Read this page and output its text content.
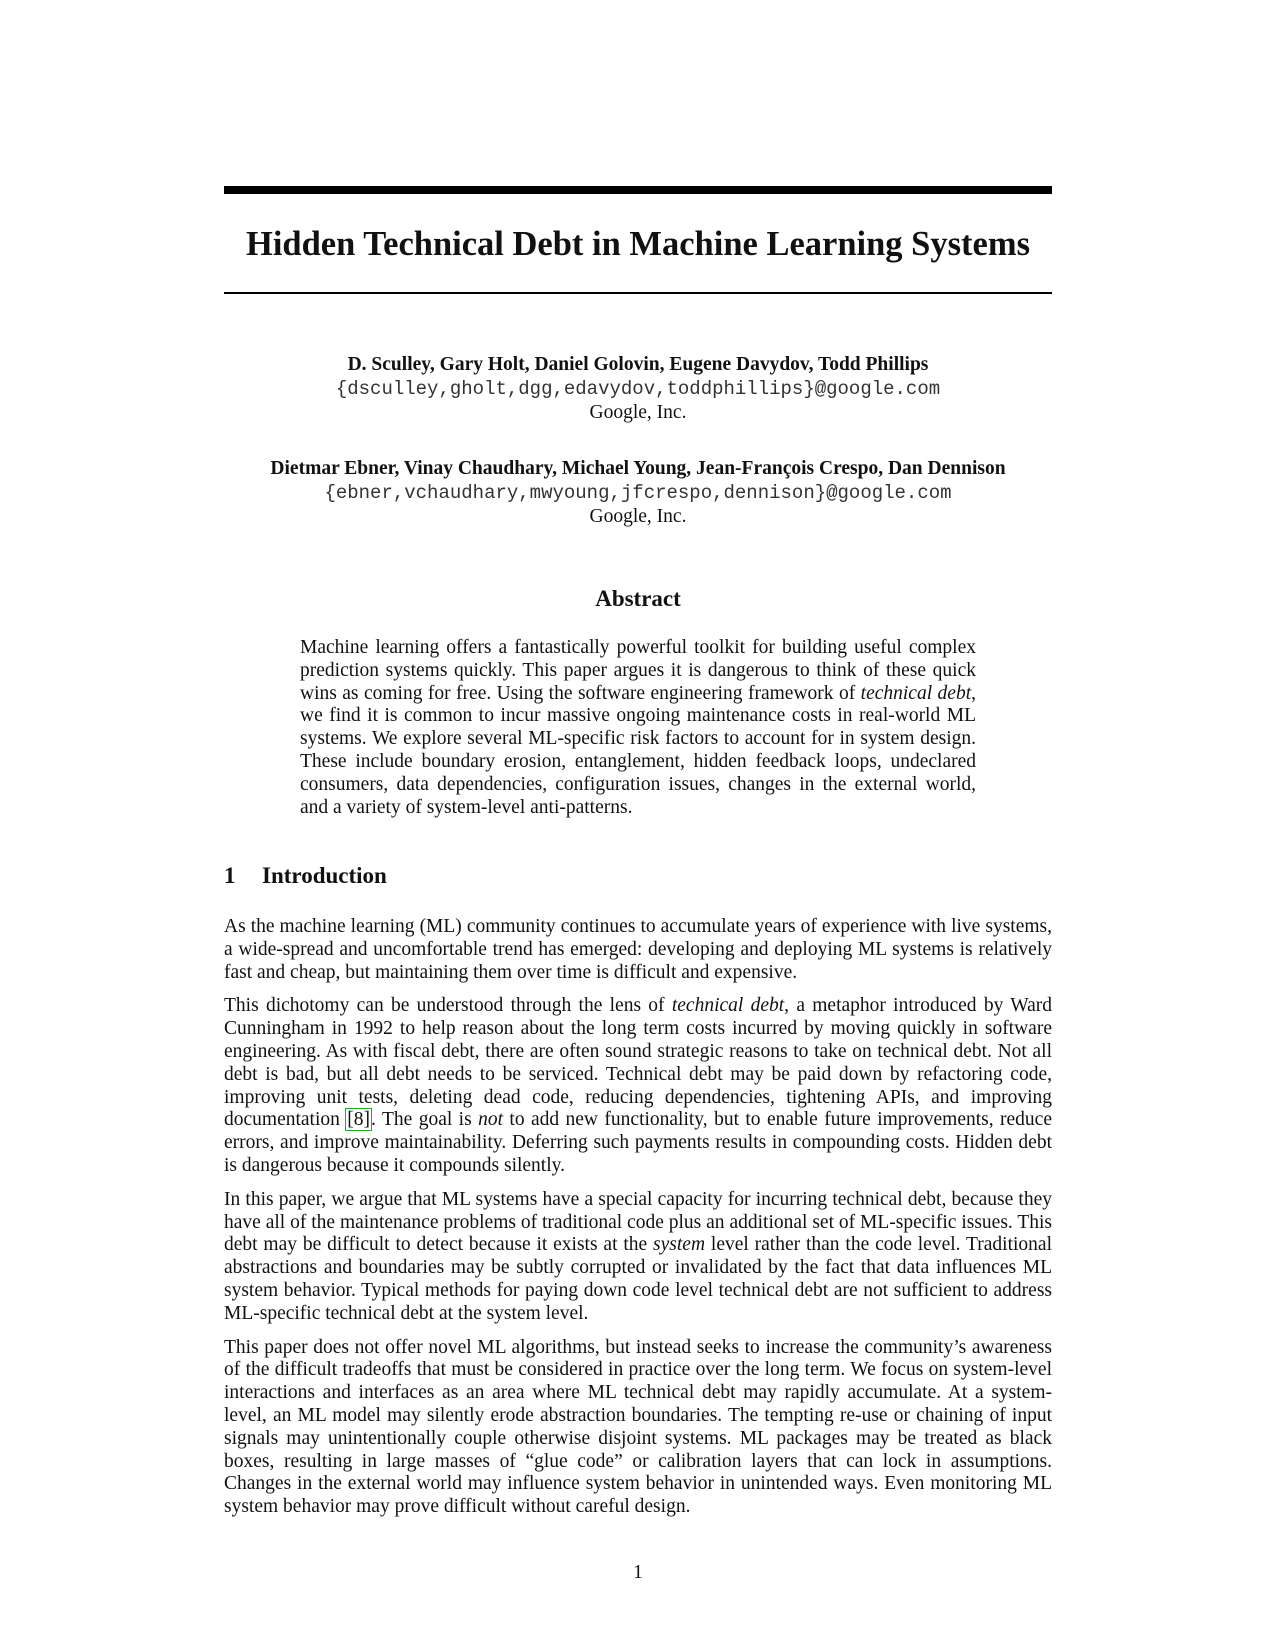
Hidden Technical Debt in Machine Learning Systems
D. Sculley, Gary Holt, Daniel Golovin, Eugene Davydov, Todd Phillips
{dsculley,gholt,dgg,edavydov,toddphillips}@google.com
Google, Inc.
Dietmar Ebner, Vinay Chaudhary, Michael Young, Jean-François Crespo, Dan Dennison
{ebner,vchaudhary,mwyoung,jfcrespo,dennison}@google.com
Google, Inc.
Abstract

Machine learning offers a fantastically powerful toolkit for building useful complex prediction systems quickly. This paper argues it is dangerous to think of these quick wins as coming for free. Using the software engineering framework of technical debt, we find it is common to incur massive ongoing maintenance costs in real-world ML systems. We explore several ML-specific risk factors to account for in system design. These include boundary erosion, entanglement, hidden feedback loops, undeclared consumers, data dependencies, configuration issues, changes in the external world, and a variety of system-level anti-patterns.

1 Introduction

As the machine learning (ML) community continues to accumulate years of experience with live systems, a wide-spread and uncomfortable trend has emerged: developing and deploying ML systems is relatively fast and cheap, but maintaining them over time is difficult and expensive.

This dichotomy can be understood through the lens of technical debt, a metaphor introduced by Ward Cunningham in 1992 to help reason about the long term costs incurred by moving quickly in software engineering. As with fiscal debt, there are often sound strategic reasons to take on technical debt. Not all debt is bad, but all debt needs to be serviced. Technical debt may be paid down by refactoring code, improving unit tests, deleting dead code, reducing dependencies, tightening APIs, and improving documentation [8]. The goal is not to add new functionality, but to enable future improvements, reduce errors, and improve maintainability. Deferring such payments results in compounding costs. Hidden debt is dangerous because it compounds silently.

In this paper, we argue that ML systems have a special capacity for incurring technical debt, because they have all of the maintenance problems of traditional code plus an additional set of ML-specific issues. This debt may be difficult to detect because it exists at the system level rather than the code level. Traditional abstractions and boundaries may be subtly corrupted or invalidated by the fact that data influences ML system behavior. Typical methods for paying down code level technical debt are not sufficient to address ML-specific technical debt at the system level.

This paper does not offer novel ML algorithms, but instead seeks to increase the community’s awareness of the difficult tradeoffs that must be considered in practice over the long term. We focus on system-level interactions and interfaces as an area where ML technical debt may rapidly accumulate. At a system-level, an ML model may silently erode abstraction boundaries. The tempting re-use or chaining of input signals may unintentionally couple otherwise disjoint systems. ML packages may be treated as black boxes, resulting in large masses of “glue code” or calibration layers that can lock in assumptions. Changes in the external world may influence system behavior in unintended ways. Even monitoring ML system behavior may prove difficult without careful design.

1
